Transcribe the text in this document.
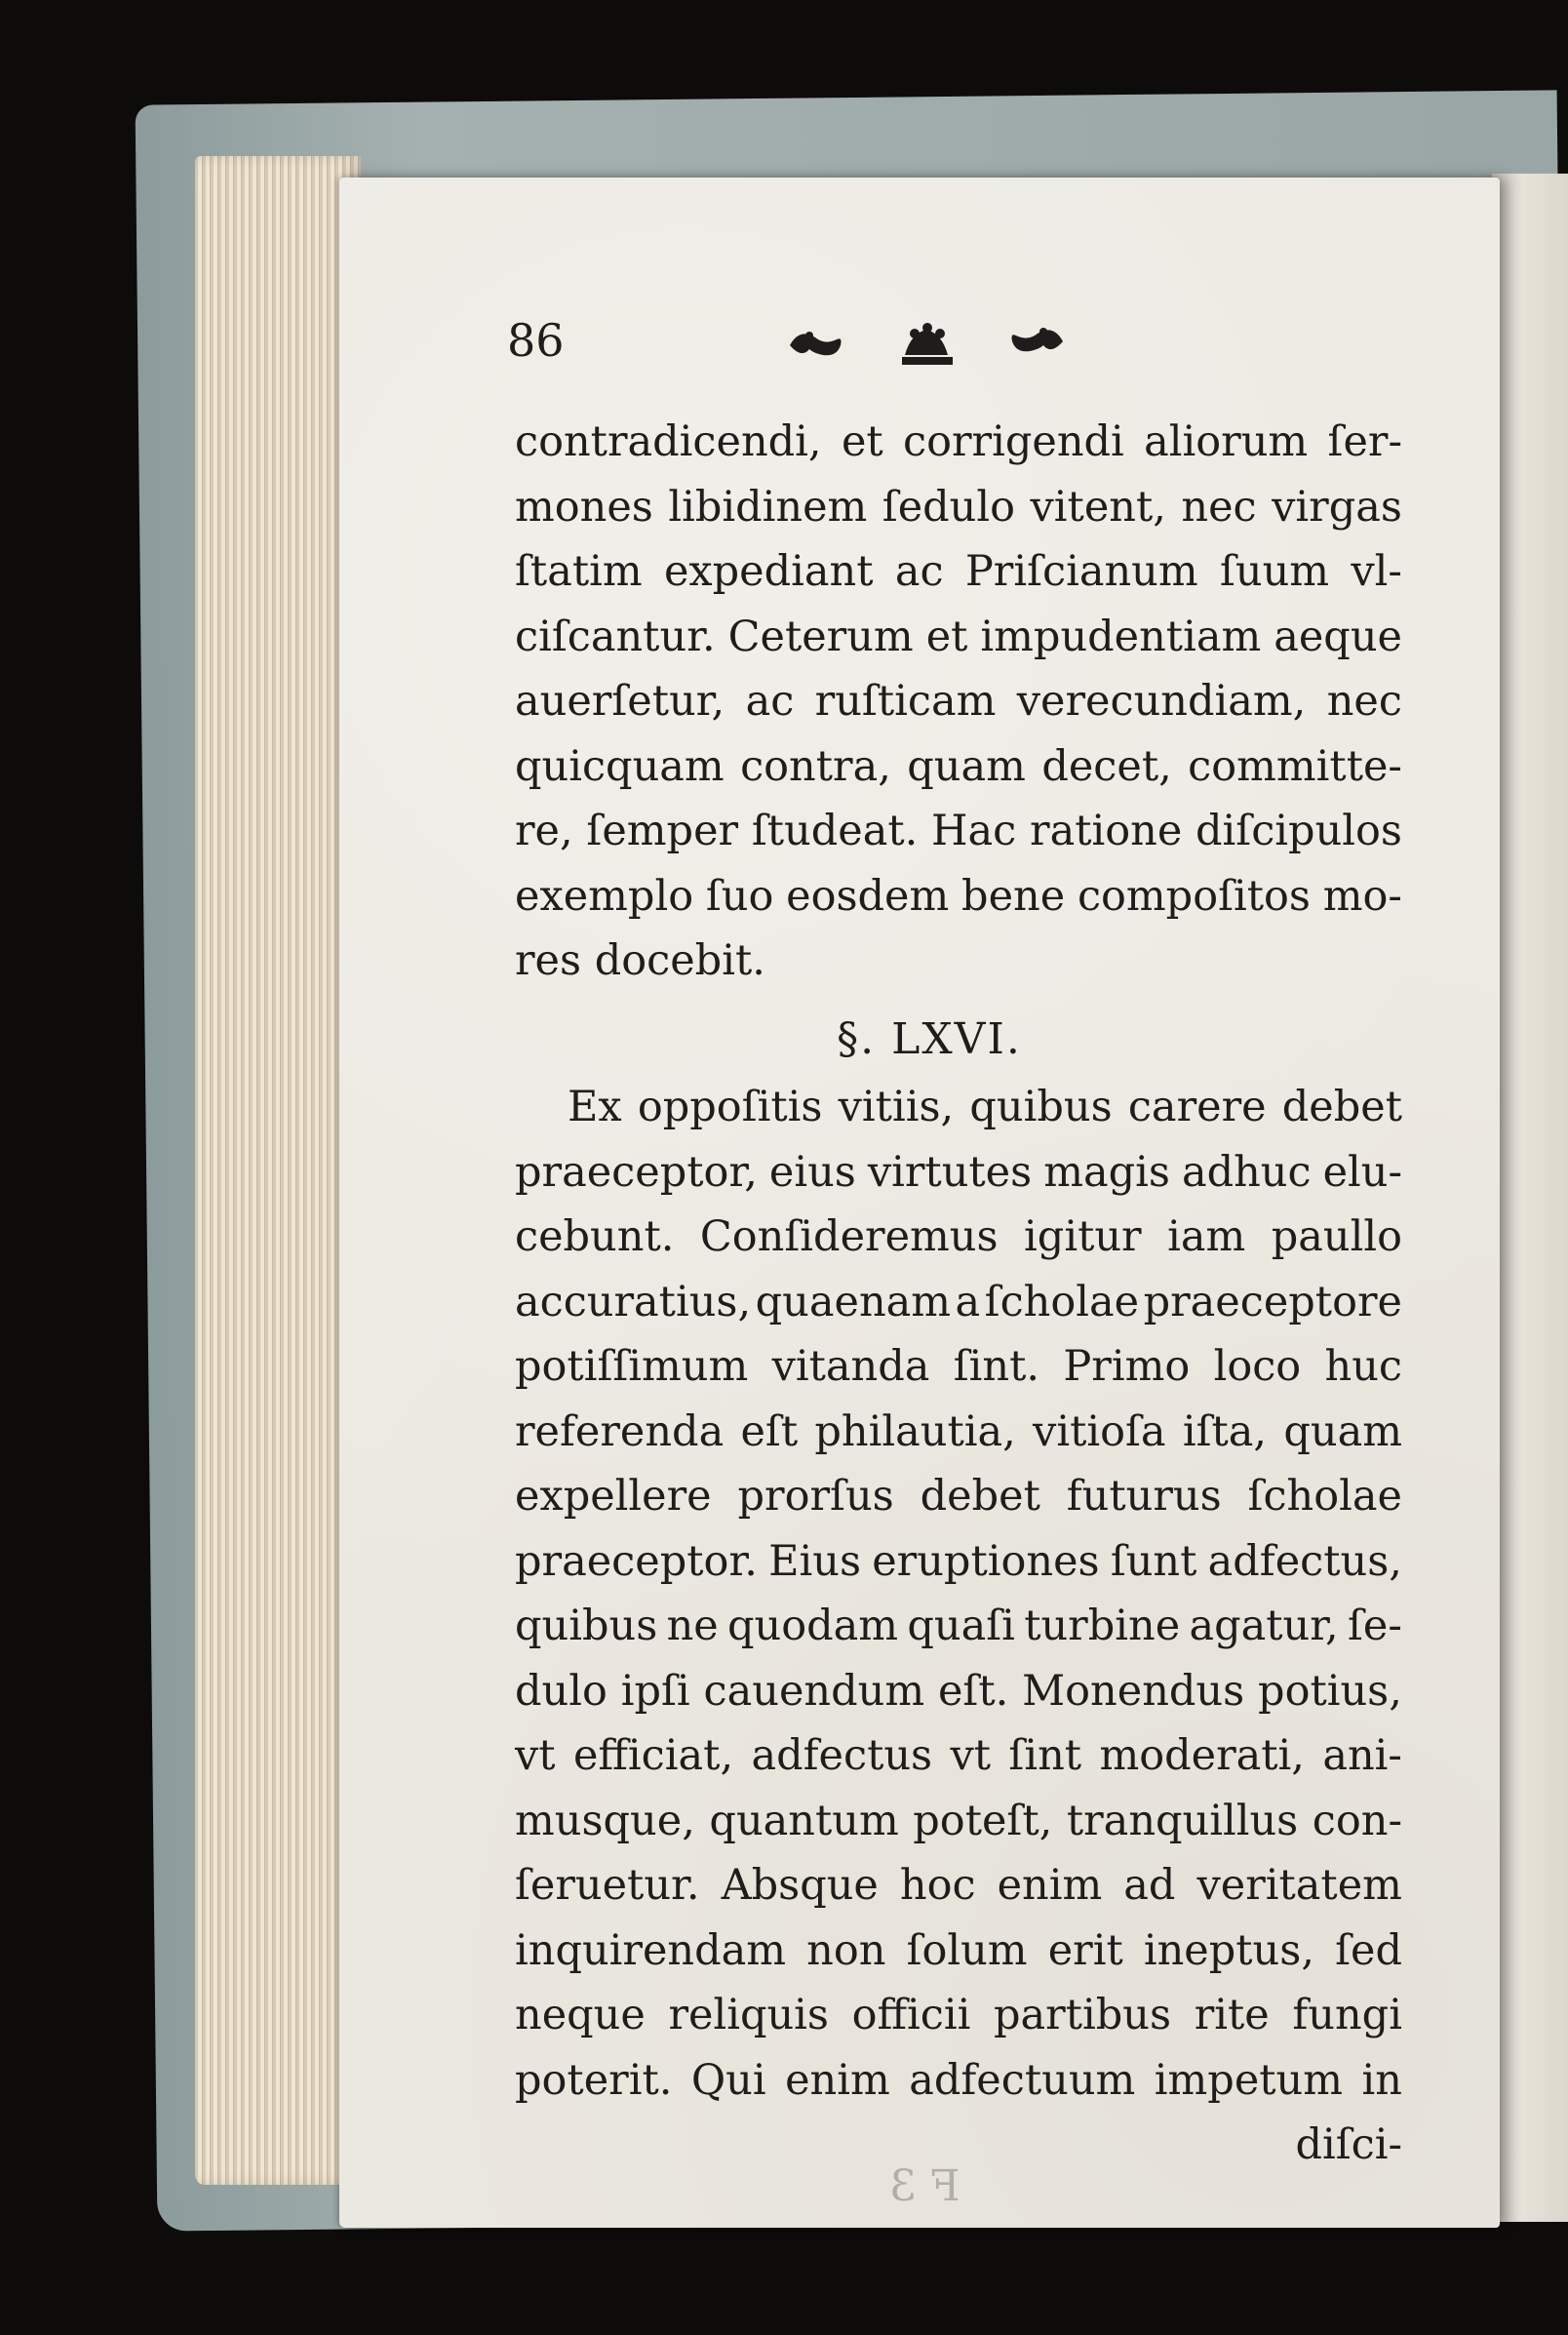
86
contradicendi, et corrigendi aliorum ſer-
mones libidinem ſedulo vitent, nec virgas
ſtatim expediant ac Priſcianum ſuum vl-
ciſcantur. Ceterum et impudentiam aeque
auerſetur, ac ruſticam verecundiam, nec
quicquam contra, quam decet, committe-
re, ſemper ſtudeat. Hac ratione diſcipulos
exemplo ſuo eosdem bene compoſitos mo-
res docebit.
§. LXVI.
Ex oppoſitis vitiis, quibus carere debet
praeceptor, eius virtutes magis adhuc elu-
cebunt. Conſideremus igitur iam paullo
accuratius, quaenam a ſcholae praeceptore
potiſſimum vitanda ſint. Primo loco huc
referenda eſt philautia, vitioſa iſta, quam
expellere prorſus debet futurus ſcholae
praeceptor. Eius eruptiones ſunt adfectus,
quibus ne quodam quaſi turbine agatur, ſe-
dulo ipſi cauendum eſt. Monendus potius,
vt efficiat, adfectus vt ſint moderati, ani-
musque, quantum poteſt, tranquillus con-
ſeruetur. Absque hoc enim ad veritatem
inquirendam non ſolum erit ineptus, ſed
neque reliquis officii partibus rite fungi
poterit. Qui enim adfectuum impetum in
diſci-
F 3
